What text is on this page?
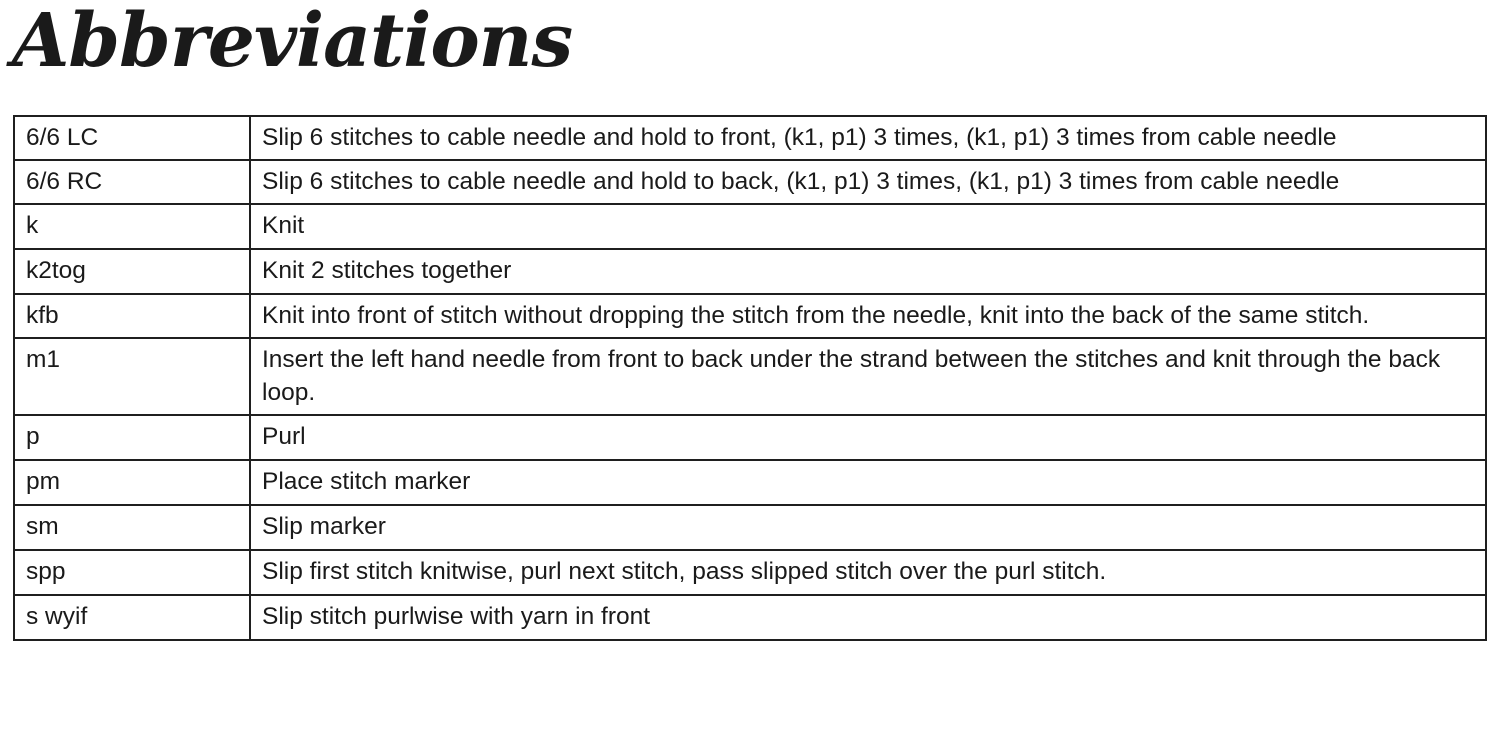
Abbreviations
6/6 LC	Slip 6 stitches to cable needle and hold to front, (k1, p1) 3 times, (k1, p1) 3 times from cable needle
6/6 RC	Slip 6 stitches to cable needle and hold to back, (k1, p1) 3 times, (k1, p1) 3 times from cable needle
k	Knit
k2tog	Knit 2 stitches together
kfb	Knit into front of stitch without dropping the stitch from the needle, knit into the back of the same stitch.
m1	Insert the left hand needle from front to back under the strand between the stitches and knit through the back loop.
p	Purl
pm	Place stitch marker
sm	Slip marker
spp	Slip first stitch knitwise, purl next stitch, pass slipped stitch over the purl stitch.
s wyif	Slip stitch purlwise with yarn in front
